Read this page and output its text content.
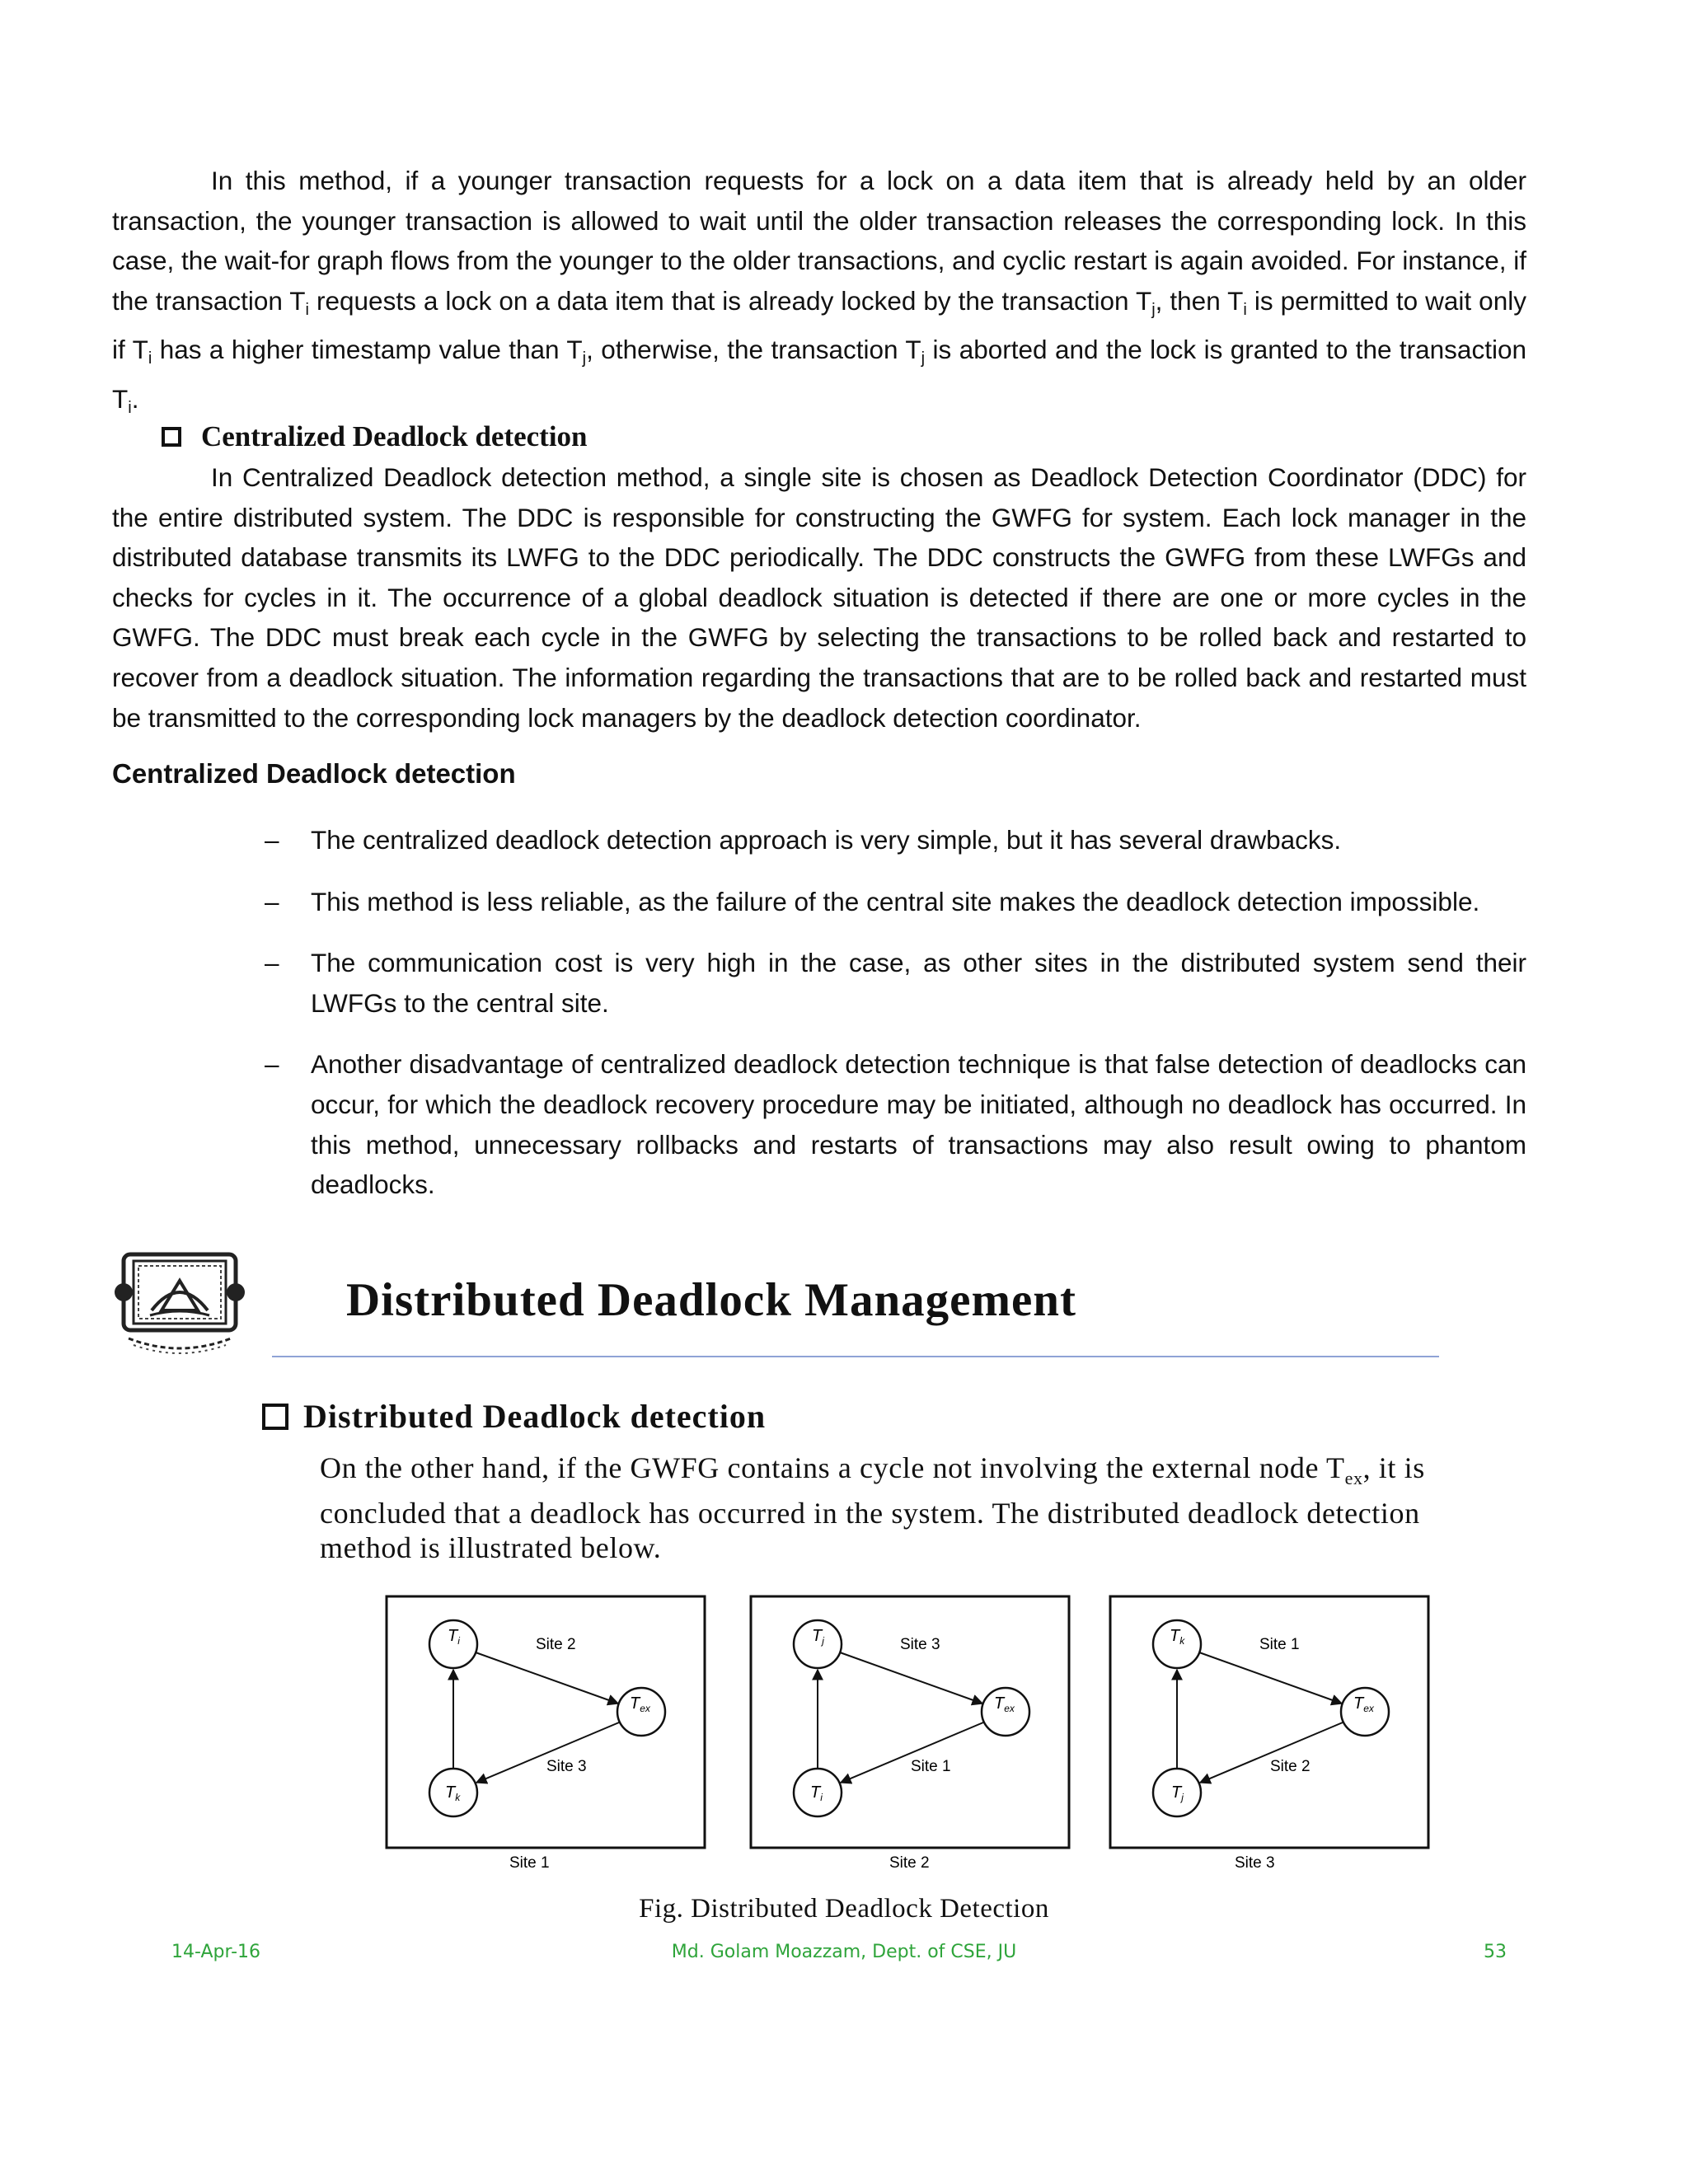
In this method, if a younger transaction requests for a lock on a data item that is already held by an older transaction, the younger transaction is allowed to wait until the older transaction releases the corresponding lock. In this case, the wait-for graph flows from the younger to the older transactions, and cyclic restart is again avoided. For instance, if the transaction $T_i$ requests a lock on a data item that is already locked by the transaction $T_j$, then $T_i$ is permitted to wait only if $T_i$ has a higher timestamp value than $T_j$, otherwise, the transaction $T_j$ is aborted and the lock is granted to the transaction $T_i$.

Centralized Deadlock detection

In Centralized Deadlock detection method, a single site is chosen as Deadlock Detection Coordinator (DDC) for the entire distributed system. The DDC is responsible for constructing the GWFG for system. Each lock manager in the distributed database transmits its LWFG to the DDC periodically. The DDC constructs the GWFG from these LWFGs and checks for cycles in it. The occurrence of a global deadlock situation is detected if there are one or more cycles in the GWFG. The DDC must break each cycle in the GWFG by selecting the transactions to be rolled back and restarted to recover from a deadlock situation. The information regarding the transactions that are to be rolled back and restarted must be transmitted to the corresponding lock managers by the deadlock detection coordinator.

Centralized Deadlock detection
– The centralized deadlock detection approach is very simple, but it has several drawbacks.
– This method is less reliable, as the failure of the central site makes the deadlock detection impossible.
– The communication cost is very high in the case, as other sites in the distributed system send their LWFGs to the central site.
– Another disadvantage of centralized deadlock detection technique is that false detection of deadlocks can occur, for which the deadlock recovery procedure may be initiated, although no deadlock has occurred. In this method, unnecessary rollbacks and restarts of transactions may also result owing to phantom deadlocks.
Distributed Deadlock Management
Distributed Deadlock detection

On the other hand, if the GWFG contains a cycle not involving the external node $T_{ex}$, it is concluded that a deadlock has occurred in the system. The distributed deadlock detection method is illustrated below.

$T_i$
$T_{ex}$
$T_k$
Site 2
Site 3
Site 1
$T_j$
$T_{ex}$
$T_i$
Site 3
Site 1
Site 2
$T_k$
$T_{ex}$
$T_j$
Site 1
Site 2
Site 3
Fig. Distributed Deadlock Detection
14-Apr-16	Md. Golam Moazzam, Dept. of CSE, JU	53
